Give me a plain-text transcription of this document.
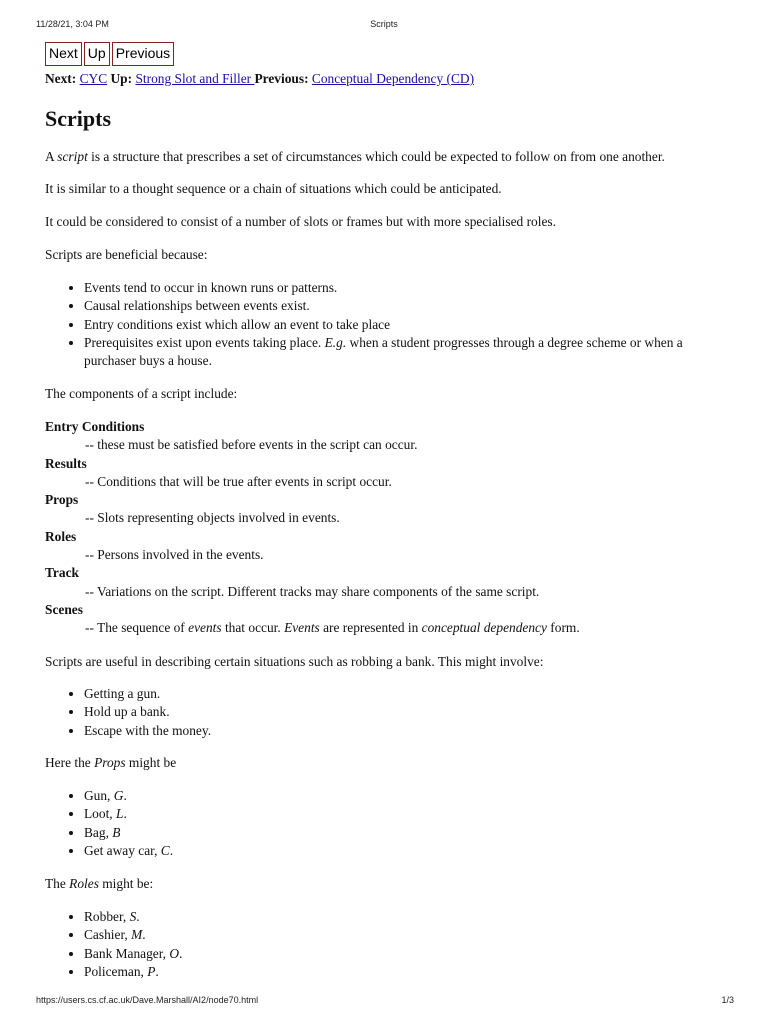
11/28/21, 3:04 PM	Scripts
Next Up Previous
Next: CYC Up: Strong Slot and Filler Previous: Conceptual Dependency (CD)
Scripts

A script is a structure that prescribes a set of circumstances which could be expected to follow on from one another.

It is similar to a thought sequence or a chain of situations which could be anticipated.

It could be considered to consist of a number of slots or frames but with more specialised roles.

Scripts are beneficial because:

• Events tend to occur in known runs or patterns.
• Causal relationships between events exist.
• Entry conditions exist which allow an event to take place
• Prerequisites exist upon events taking place. E.g. when a student progresses through a degree scheme or when a purchaser buys a house.

The components of a script include:

Entry Conditions
-- these must be satisfied before events in the script can occur.
Results
-- Conditions that will be true after events in script occur.
Props
-- Slots representing objects involved in events.
Roles
-- Persons involved in the events.
Track
-- Variations on the script. Different tracks may share components of the same script.
Scenes
-- The sequence of events that occur. Events are represented in conceptual dependency form.

Scripts are useful in describing certain situations such as robbing a bank. This might involve:

• Getting a gun.
• Hold up a bank.
• Escape with the money.

Here the Props might be

• Gun, G.
• Loot, L.
• Bag, B
• Get away car, C.

The Roles might be:

• Robber, S.
• Cashier, M.
• Bank Manager, O.
• Policeman, P.
https://users.cs.cf.ac.uk/Dave.Marshall/AI2/node70.html	1/3
